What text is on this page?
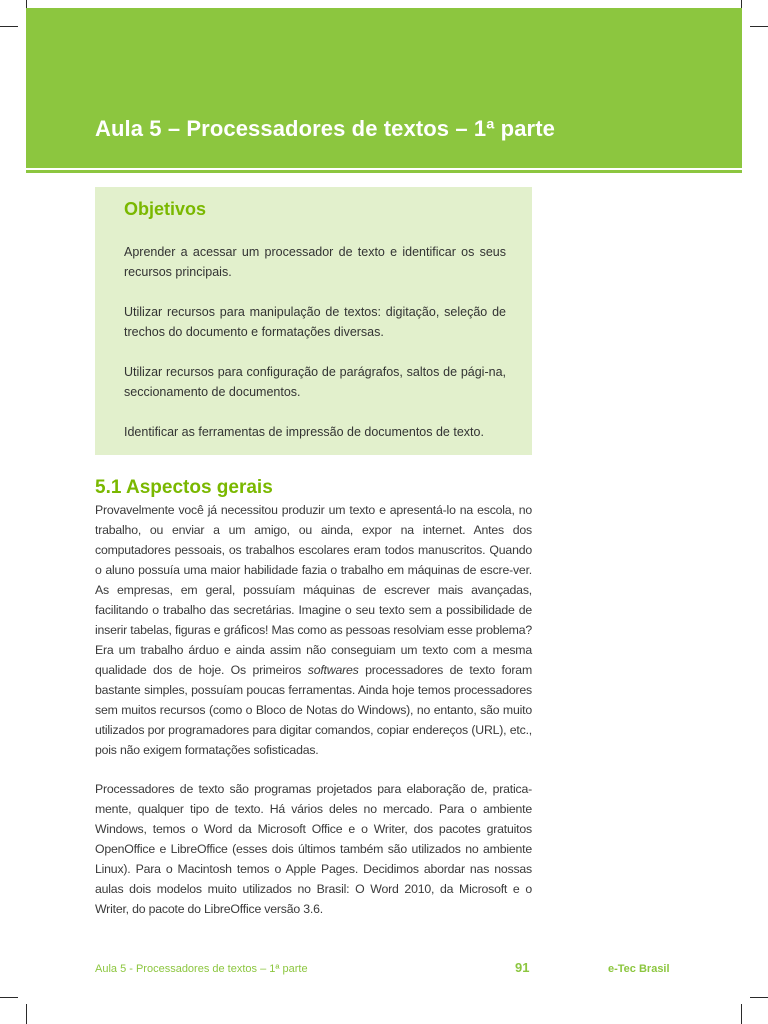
Aula 5 – Processadores de textos – 1ª parte
Objetivos
Aprender a acessar um processador de texto e identificar os seus recursos principais.
Utilizar recursos para manipulação de textos: digitação, seleção de trechos do documento e formatações diversas.
Utilizar recursos para configuração de parágrafos, saltos de pági-na, seccionamento de documentos.
Identificar as ferramentas de impressão de documentos de texto.
5.1 Aspectos gerais
Provavelmente você já necessitou produzir um texto e apresentá-lo na escola, no trabalho, ou enviar a um amigo, ou ainda, expor na internet. Antes dos computadores pessoais, os trabalhos escolares eram todos manuscritos. Quando o aluno possuía uma maior habilidade fazia o trabalho em máquinas de escre-ver. As empresas, em geral, possuíam máquinas de escrever mais avançadas, facilitando o trabalho das secretárias. Imagine o seu texto sem a possibilidade de inserir tabelas, figuras e gráficos! Mas como as pessoas resolviam esse problema? Era um trabalho árduo e ainda assim não conseguiam um texto com a mesma qualidade dos de hoje. Os primeiros softwares processadores de texto foram bastante simples, possuíam poucas ferramentas. Ainda hoje temos processadores sem muitos recursos (como o Bloco de Notas do Windows), no entanto, são muito utilizados por programadores para digitar comandos, copiar endereços (URL), etc., pois não exigem formatações sofisticadas.
Processadores de texto são programas projetados para elaboração de, pratica-mente, qualquer tipo de texto. Há vários deles no mercado. Para o ambiente Windows, temos o Word da Microsoft Office e o Writer, dos pacotes gratuitos OpenOffice e LibreOffice (esses dois últimos também são utilizados no ambiente Linux). Para o Macintosh temos o Apple Pages. Decidimos abordar nas nossas aulas dois modelos muito utilizados no Brasil: O Word 2010, da Microsoft e o Writer, do pacote do LibreOffice versão 3.6.
Aula 5 - Processadores de textos – 1ª parte	91	e-Tec Brasil
